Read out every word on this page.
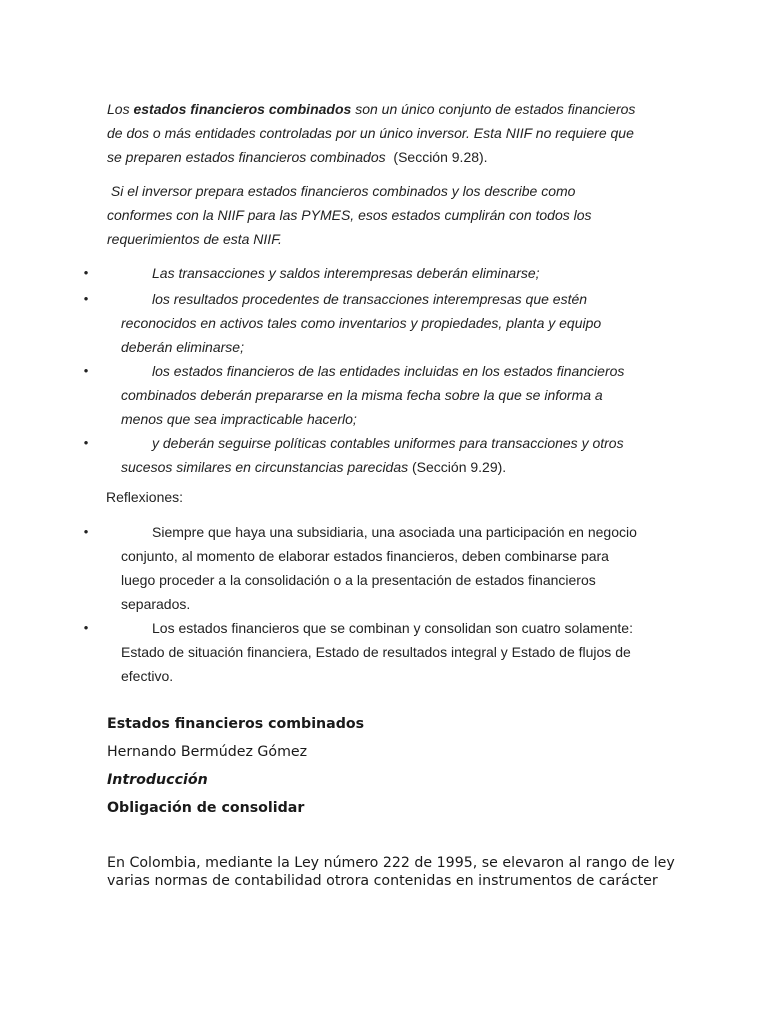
Los estados financieros combinados son un único conjunto de estados financieros
de dos o más entidades controladas por un único inversor. Esta NIIF no requiere que
se preparen estados financieros combinados  (Sección 9.28).

Si el inversor prepara estados financieros combinados y los describe como
conformes con la NIIF para las PYMES, esos estados cumplirán con todos los
requerimientos de esta NIIF.

•	Las transacciones y saldos interempresas deberán eliminarse;
•	los resultados procedentes de transacciones interempresas que estén
reconocidos en activos tales como inventarios y propiedades, planta y equipo
deberán eliminarse;
•	los estados financieros de las entidades incluidas en los estados financieros
combinados deberán prepararse en la misma fecha sobre la que se informa a
menos que sea impracticable hacerlo;
•	y deberán seguirse políticas contables uniformes para transacciones y otros
sucesos similares en circunstancias parecidas (Sección 9.29).

Reflexiones:

•	Siempre que haya una subsidiaria, una asociada una participación en negocio
conjunto, al momento de elaborar estados financieros, deben combinarse para
luego proceder a la consolidación o a la presentación de estados financieros
separados.
•	Los estados financieros que se combinan y consolidan son cuatro solamente:
Estado de situación financiera, Estado de resultados integral y Estado de flujos de
efectivo.
Estados financieros combinados
Hernando Bermúdez Gómez
Introducción
Obligación de consolidar
En Colombia, mediante la Ley número 222 de 1995, se elevaron al rango de ley
varias normas de contabilidad otrora contenidas en instrumentos de carácter
